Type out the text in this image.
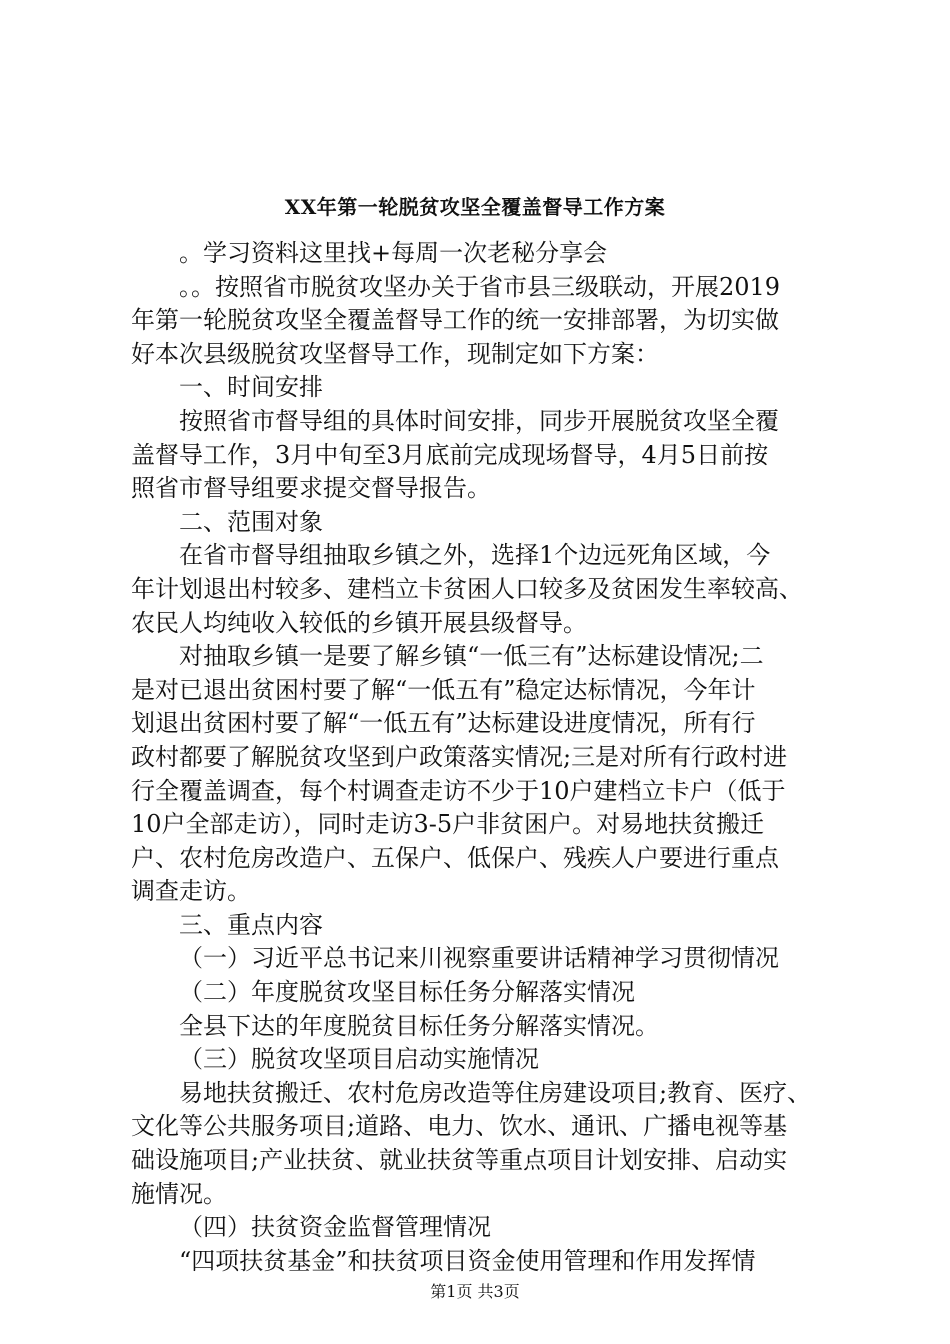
XX年第一轮脱贫攻坚全覆盖督导工作方案
。学习资料这里找+每周一次老秘分享会
。。按照省市脱贫攻坚办关于省市县三级联动，开展2019
年第一轮脱贫攻坚全覆盖督导工作的统一安排部署，为切实做
好本次县级脱贫攻坚督导工作，现制定如下方案：
一、时间安排
按照省市督导组的具体时间安排，同步开展脱贫攻坚全覆
盖督导工作，3月中旬至3月底前完成现场督导，4月5日前按
照省市督导组要求提交督导报告。
二、范围对象
在省市督导组抽取乡镇之外，选择1个边远死角区域，今
年计划退出村较多、建档立卡贫困人口较多及贫困发生率较高、
农民人均纯收入较低的乡镇开展县级督导。
对抽取乡镇一是要了解乡镇“一低三有”达标建设情况;二
是对已退出贫困村要了解“一低五有”稳定达标情况，今年计
划退出贫困村要了解“一低五有”达标建设进度情况，所有行
政村都要了解脱贫攻坚到户政策落实情况;三是对所有行政村进
行全覆盖调查，每个村调查走访不少于10户建档立卡户（低于
10户全部走访），同时走访3-5户非贫困户。对易地扶贫搬迁
户、农村危房改造户、五保户、低保户、残疾人户要进行重点
调查走访。
三、重点内容
（一）习近平总书记来川视察重要讲话精神学习贯彻情况
（二）年度脱贫攻坚目标任务分解落实情况
全县下达的年度脱贫目标任务分解落实情况。
（三）脱贫攻坚项目启动实施情况
易地扶贫搬迁、农村危房改造等住房建设项目;教育、医疗、
文化等公共服务项目;道路、电力、饮水、通讯、广播电视等基
础设施项目;产业扶贫、就业扶贫等重点项目计划安排、启动实
施情况。
（四）扶贫资金监督管理情况
“四项扶贫基金”和扶贫项目资金使用管理和作用发挥情
第1页 共3页
